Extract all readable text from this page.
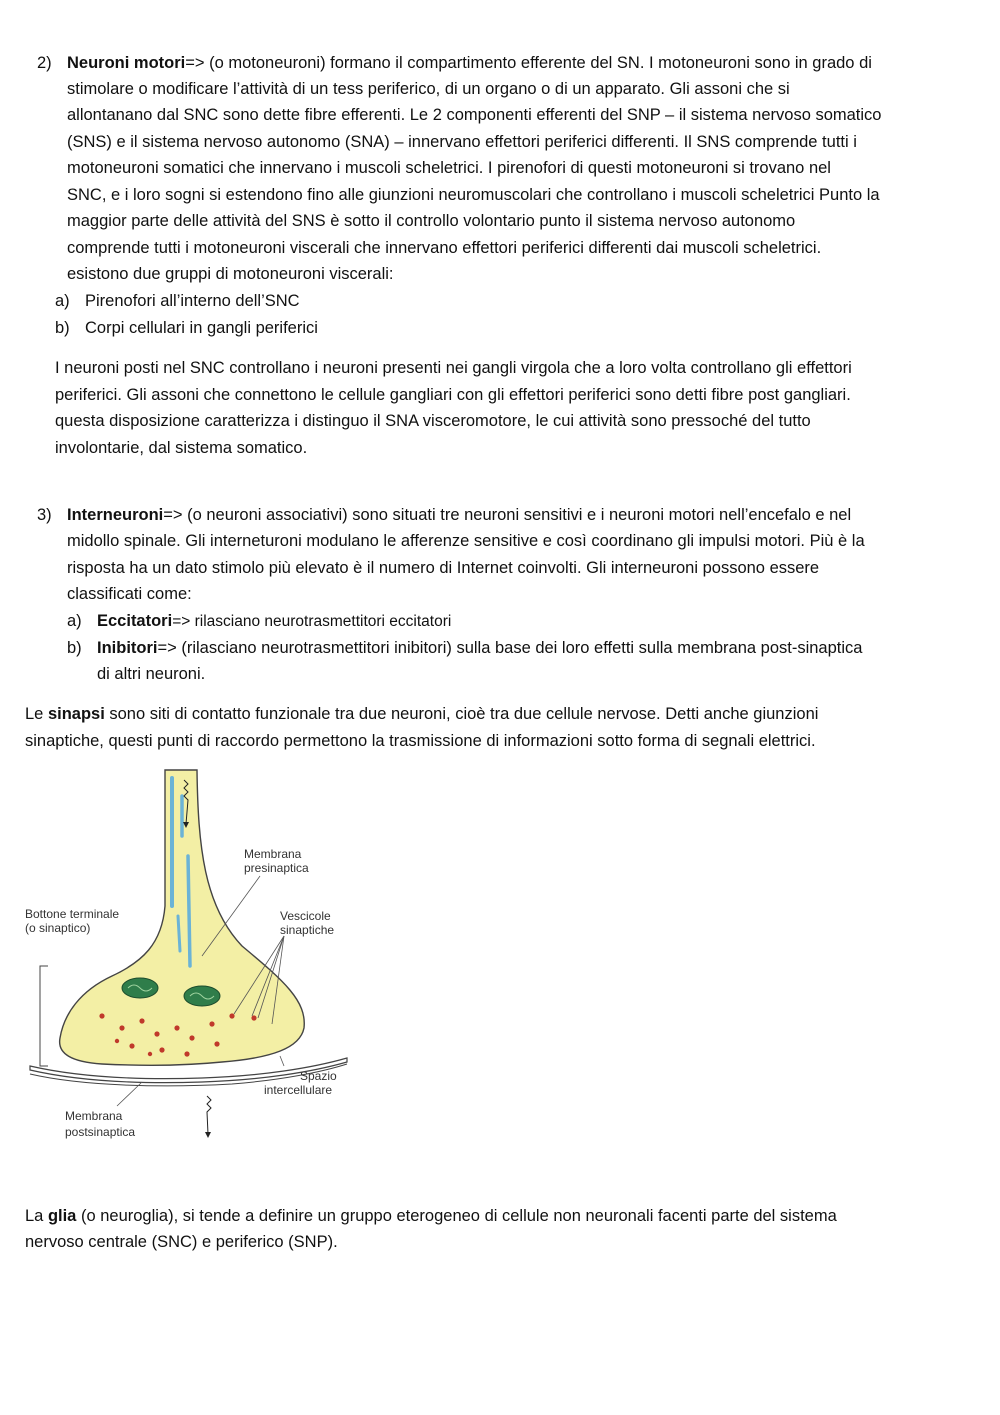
2) Neuroni motori=> (o motoneuroni) formano il compartimento efferente del SN. I motoneuroni sono in grado di
stimolare o modificare l’attività di un tess periferico, di un organo o di un apparato. Gli assoni che si
allontanano dal SNC sono dette fibre efferenti. Le 2 componenti efferenti del SNP – il sistema nervoso somatico
(SNS) e il sistema nervoso autonomo (SNA) – innervano effettori periferici differenti. Il SNS comprende tutti i
motoneuroni somatici che innervano i muscoli scheletrici. I pirenofori di questi motoneuroni si trovano nel
SNC, e i loro sogni si estendono fino alle giunzioni neuromuscolari che controllano i muscoli scheletrici Punto la
maggior parte delle attività del SNS è sotto il controllo volontario punto il sistema nervoso autonomo
comprende tutti i motoneuroni viscerali che innervano effettori periferici differenti dai muscoli scheletrici.
esistono due gruppi di motoneuroni viscerali:
a) Pirenofori all’interno dell’SNC
b) Corpi cellulari in gangli periferici
I neuroni posti nel SNC controllano i neuroni presenti nei gangli virgola che a loro volta controllano gli effettori
periferici. Gli assoni che connettono le cellule gangliari con gli effettori periferici sono detti fibre post gangliari.
questa disposizione caratterizza i distinguo il SNA visceromotore, le cui attività sono pressoché del tutto
involontarie, dal sistema somatico.
3) Interneuroni=> (o neuroni associativi) sono situati tre neuroni sensitivi e i neuroni motori nell’encefalo e nel
midollo spinale. Gli interneturoni modulano le afferenze sensitive e così coordinano gli impulsi motori. Più è la
risposta ha un dato stimolo più elevato è il numero di Internet coinvolti. Gli interneuroni possono essere
classificati come:
a) Eccitatori=> rilasciano neurotrasmettitori eccitatori
b) Inibitori=> (rilasciano neurotrasmettitori inibitori) sulla base dei loro effetti sulla membrana post-sinaptica
di altri neuroni.
Le sinapsi sono siti di contatto funzionale tra due neuroni, cioè tra due cellule nervose. Detti anche giunzioni
sinaptiche, questi punti di raccordo permettono la trasmissione di informazioni sotto forma di segnali elettrici.
Membrana
presinaptica
Bottone terminale
(o sinaptico)
Vescicole
sinaptiche
Spazio
intercellulare
Membrana
postsinaptica
La glia (o neuroglia), si tende a definire un gruppo eterogeneo di cellule non neuronali facenti parte del sistema
nervoso centrale (SNC) e periferico (SNP).
